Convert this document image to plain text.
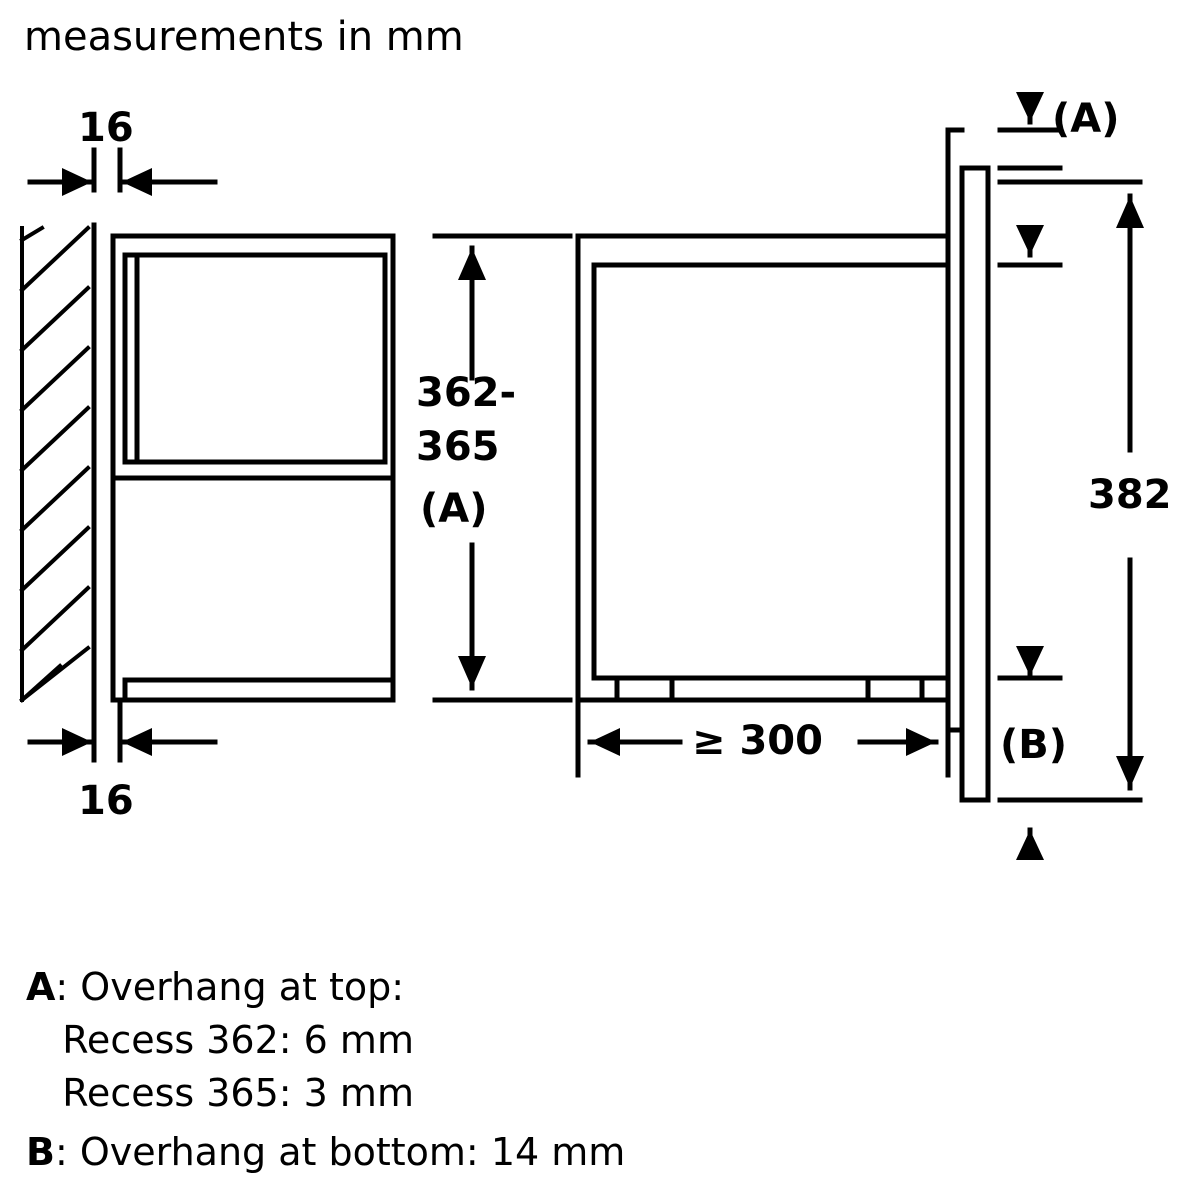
measurements in mm
16
16
362-
365
(A)
≥ 300
382
(A)
(B)
A: Overhang at top:
Recess 362: 6 mm
Recess 365: 3 mm
B: Overhang at bottom: 14 mm
